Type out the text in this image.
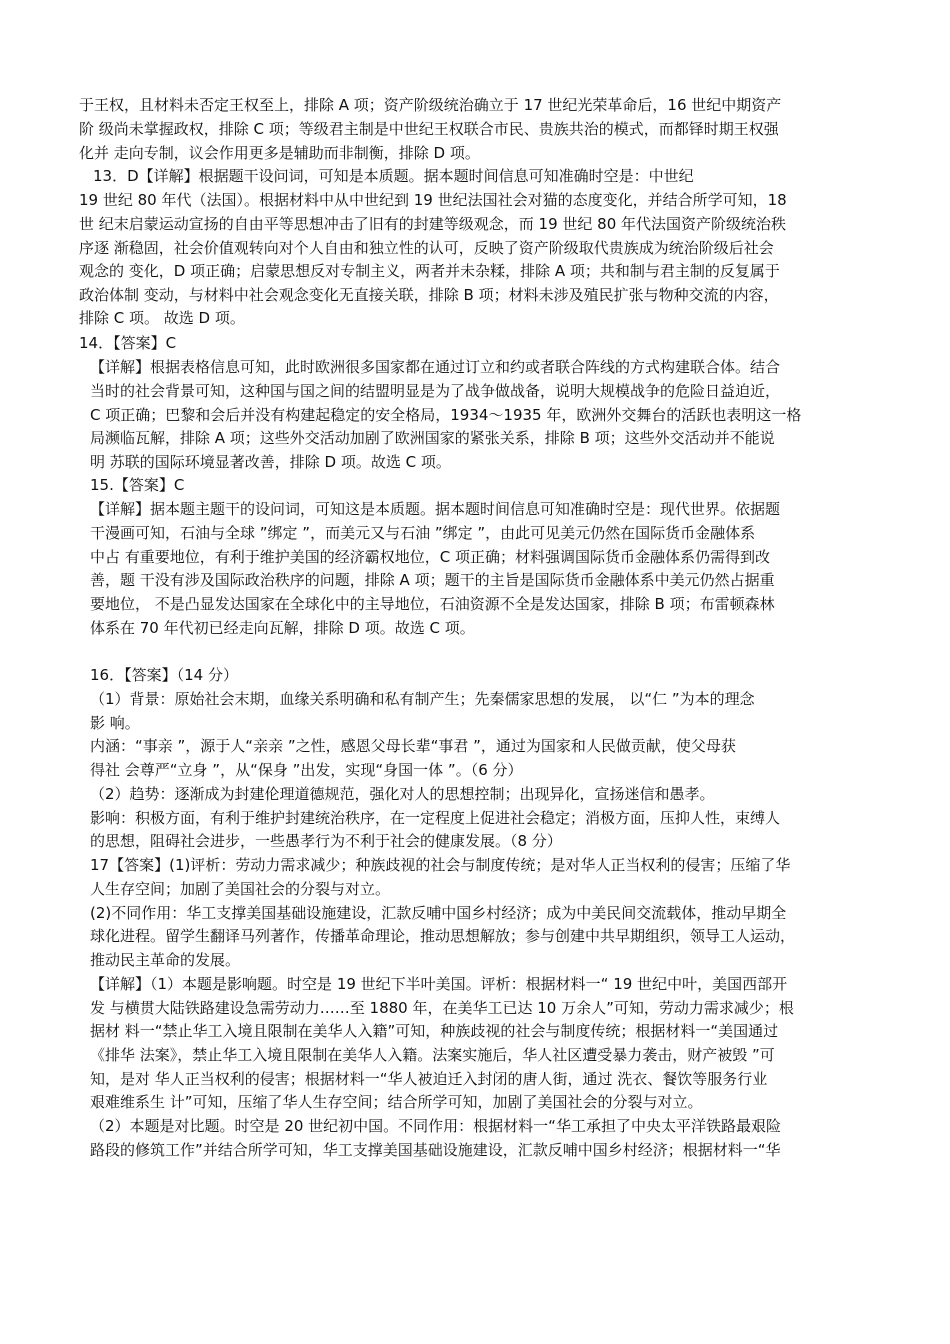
于王权，且材料未否定王权至上，排除 A 项；资产阶级统治确立于 17 世纪光荣革命后，16 世纪中期资产
阶 级尚未掌握政权，排除 C 项；等级君主制是中世纪王权联合市民、贵族共治的模式，而都铎时期王权强
化并 走向专制，议会作用更多是辅助而非制衡，排除 D 项。
13．D【详解】根据题干设问词，可知是本质题。据本题时间信息可知准确时空是：中世纪
19 世纪 80 年代（法国）。根据材料中从中世纪到 19 世纪法国社会对猫的态度变化，并结合所学可知，18
世 纪末启蒙运动宣扬的自由平等思想冲击了旧有的封建等级观念，而 19 世纪 80 年代法国资产阶级统治秩
序逐 渐稳固，社会价值观转向对个人自由和独立性的认可，反映了资产阶级取代贵族成为统治阶级后社会
观念的 变化，D 项正确；启蒙思想反对专制主义，两者并未杂糅，排除 A 项；共和制与君主制的反复属于
政治体制 变动，与材料中社会观念变化无直接关联，排除 B 项；材料未涉及殖民扩张与物种交流的内容，
排除 C 项。 故选 D 项。
14．【答案】C
【详解】根据表格信息可知，此时欧洲很多国家都在通过订立和约或者联合阵线的方式构建联合体。结合
当时的社会背景可知，这种国与国之间的结盟明显是为了战争做战备，说明大规模战争的危险日益迫近，
C 项正确；巴黎和会后并没有构建起稳定的安全格局，1934～1935 年，欧洲外交舞台的活跃也表明这一格
局濒临瓦解，排除 A 项；这些外交活动加剧了欧洲国家的紧张关系，排除 B 项；这些外交活动并不能说
明 苏联的国际环境显著改善，排除 D 项。故选 C 项。
15.【答案】C
【详解】据本题主题干的设问词，可知这是本质题。据本题时间信息可知准确时空是：现代世界。依据题
干漫画可知，石油与全球 ”绑定 ”，而美元又与石油 ”绑定 ”，由此可见美元仍然在国际货币金融体系
中占 有重要地位，有利于维护美国的经济霸权地位，C 项正确；材料强调国际货币金融体系仍需得到改
善，题 干没有涉及国际政治秩序的问题，排除 A 项；题干的主旨是国际货币金融体系中美元仍然占据重
要地位， 不是凸显发达国家在全球化中的主导地位，石油资源不全是发达国家，排除 B 项；布雷顿森林
体系在 70 年代初已经走向瓦解，排除 D 项。故选 C 项。
16．【答案】（14 分）
（1）背景：原始社会末期，血缘关系明确和私有制产生；先秦儒家思想的发展， 以“仁 ”为本的理念
影 响。
内涵：“事亲 ”，源于人“亲亲 ”之性，感恩父母长辈“事君 ”，通过为国家和人民做贡献，使父母获
得社 会尊严“立身 ”，从“保身 ”出发，实现“身国一体 ”。（6 分）
（2）趋势：逐渐成为封建伦理道德规范，强化对人的思想控制；出现异化，宣扬迷信和愚孝。
影响：积极方面，有利于维护封建统治秩序，在一定程度上促进社会稳定；消极方面，压抑人性，束缚人
的思想，阻碍社会进步，一些愚孝行为不利于社会的健康发展。（8 分）
17【答案】(1)评析：劳动力需求减少；种族歧视的社会与制度传统；是对华人正当权利的侵害；压缩了华
人生存空间；加剧了美国社会的分裂与对立。
(2)不同作用：华工支撑美国基础设施建设，汇款反哺中国乡村经济；成为中美民间交流载体，推动早期全
球化进程。留学生翻译马列著作，传播革命理论，推动思想解放；参与创建中共早期组织，领导工人运动，
推动民主革命的发展。
【详解】（1）本题是影响题。时空是 19 世纪下半叶美国。评析：根据材料一“ 19 世纪中叶，美国西部开
发 与横贯大陆铁路建设急需劳动力……至 1880 年，在美华工已达 10 万余人”可知，劳动力需求减少；根
据材 料一“禁止华工入境且限制在美华人入籍”可知，种族歧视的社会与制度传统；根据材料一“美国通过
《排华 法案》，禁止华工入境且限制在美华人入籍。法案实施后，华人社区遭受暴力袭击，财产被毁 ”可
知，是对 华人正当权利的侵害；根据材料一“华人被迫迁入封闭的唐人街，通过 洗衣、餐饮等服务行业
艰难维系生 计”可知，压缩了华人生存空间；结合所学可知，加剧了美国社会的分裂与对立。
（2）本题是对比题。时空是 20 世纪初中国。不同作用：根据材料一“华工承担了中央太平洋铁路最艰险
路段的修筑工作”并结合所学可知，华工支撑美国基础设施建设，汇款反哺中国乡村经济；根据材料一“华
